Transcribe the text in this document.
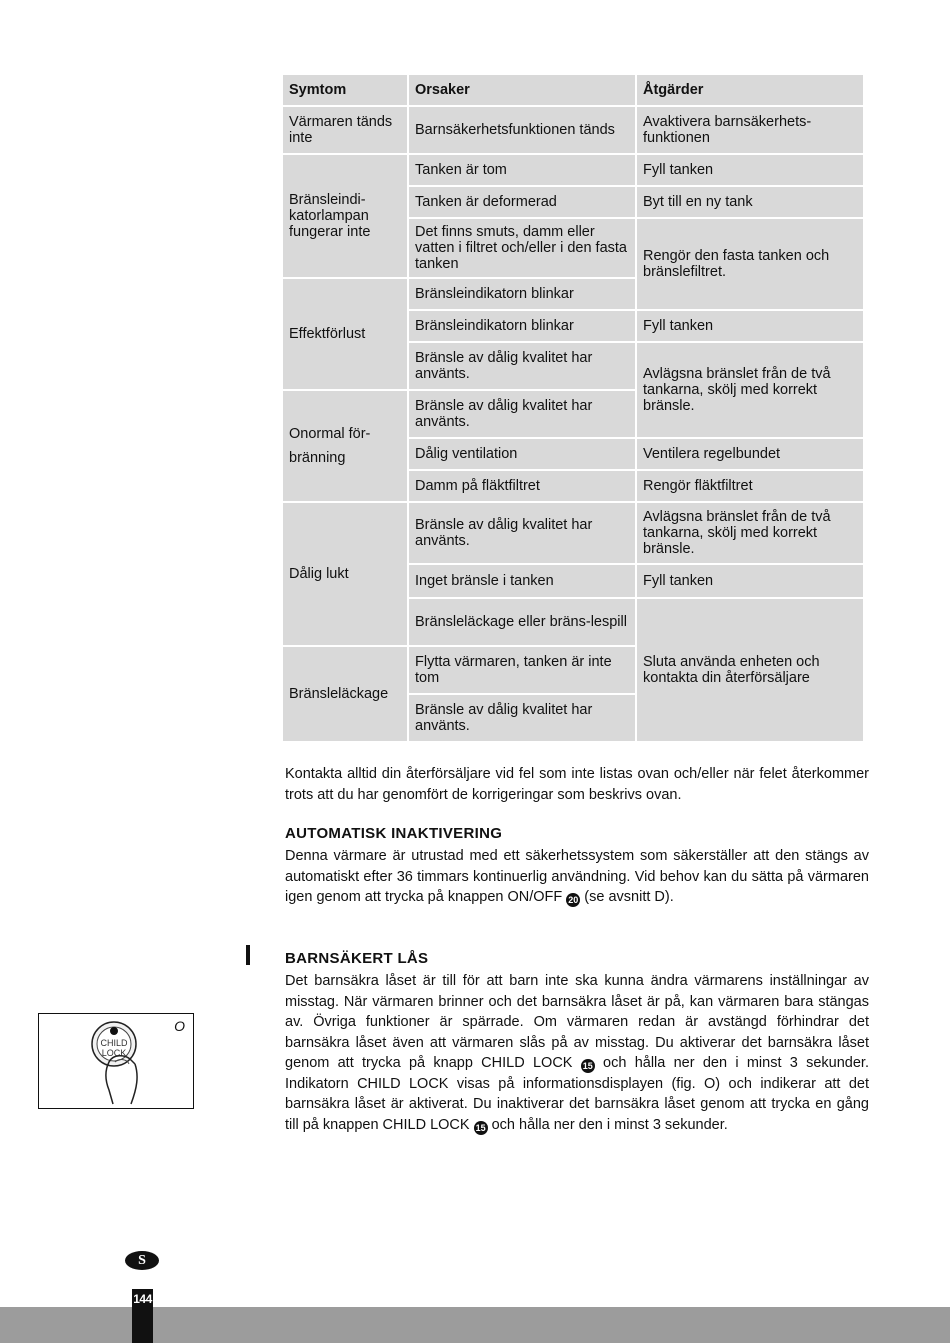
Symtom	Orsaker	Åtgärder
Värmaren tänds inte
Bränsleindi-katorlampan fungerar inte
Effektförlust
Onormal för-bränning
Dålig lukt
Bränsleläckage
Barnsäkerhetsfunktionen tänds
Tanken är tom
Tanken är deformerad
Det finns smuts, damm eller vatten i filtret och/eller i den fasta tanken
Bränsleindikatorn blinkar
Bränsleindikatorn blinkar
Bränsle av dålig kvalitet har använts.
Bränsle av dålig kvalitet har använts.
Dålig ventilation
Damm på fläktfiltret
Bränsle av dålig kvalitet har använts.
Inget bränsle i tanken
Bränsleläckage eller bräns-lespill
Flytta värmaren, tanken är inte tom
Bränsle av dålig kvalitet har använts.
Avaktivera barnsäkerhets-funktionen
Fyll tanken
Byt till en ny tank
Rengör den fasta tanken och bränslefiltret.
Fyll tanken
Avlägsna bränslet från de två tankarna, skölj med korrekt bränsle.
Ventilera regelbundet
Rengör fläktfiltret
Avlägsna bränslet från de två tankarna, skölj med korrekt bränsle.
Fyll tanken
Sluta använda enheten och kontakta din återförsäljare

Kontakta alltid din återförsäljare vid fel som inte listas ovan och/eller när felet återkommer trots att du har genomfört de korrigeringar som beskrivs ovan.

AUTOMATISK INAKTIVERING

Denna värmare är utrustad med ett säkerhetssystem som säkerställer att den stängs av automatiskt efter 36 timmars kontinuerlig användning. Vid behov kan du sätta på värmaren igen genom att trycka på knappen ON/OFF 20 (se avsnitt D).

BARNSÄKERT LÅS

Det barnsäkra låset är till för att barn inte ska kunna ändra värmarens inställningar av misstag. När värmaren brinner och det barnsäkra låset är på, kan värmaren bara stängas av. Övriga funktioner är spärrade. Om värmaren redan är avstängd förhindrar det barnsäkra låset även att värmaren slås på av misstag. Du aktiverar det barnsäkra låset genom att trycka på knapp CHILD LOCK 15 och hålla ner den i minst 3 sekunder. Indikatorn CHILD LOCK visas på informationsdisplayen (fig. O) och indikerar att det barnsäkra låset är aktiverat. Du inaktiverar det barnsäkra låset genom att trycka en gång till på knappen CHILD LOCK 15 och hålla ner den i minst 3 sekunder.

O
CHILD
LOCK
S
144
